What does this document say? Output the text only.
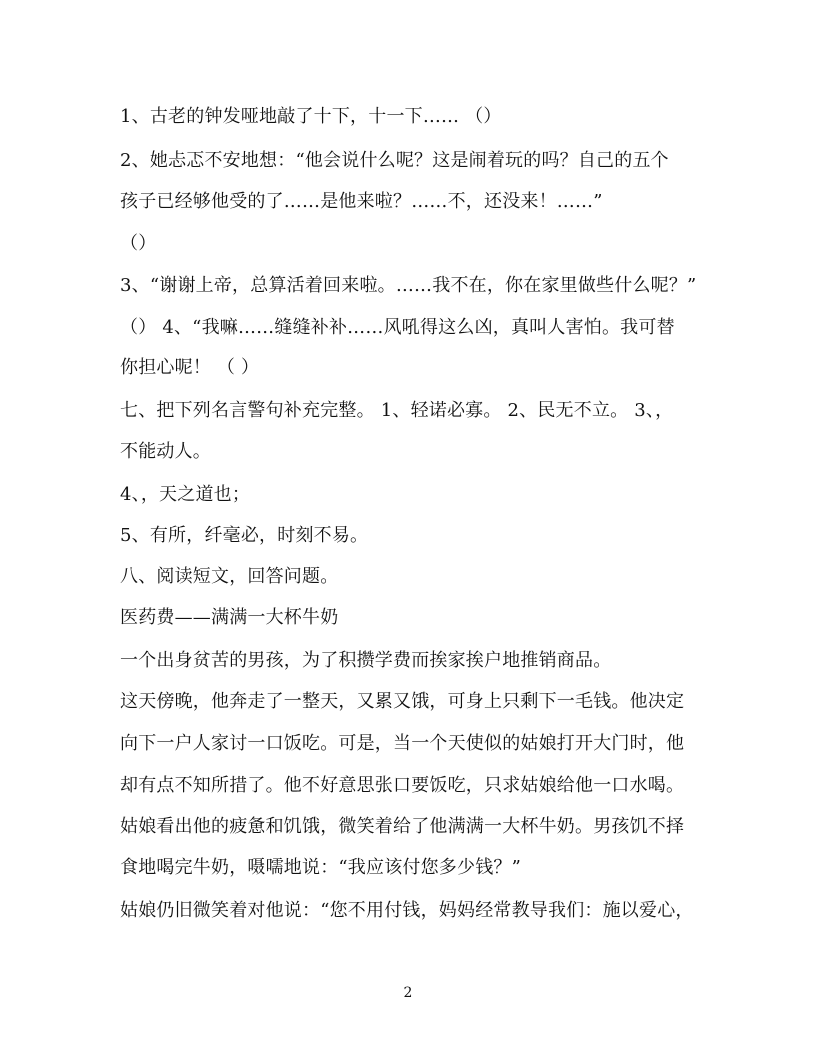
1、古老的钟发哑地敲了十下，十一下…… （）
2、她忐忑不安地想：“他会说什么呢？这是闹着玩的吗？自己的五个
孩子已经够他受的了……是他来啦？……不，还没来！……”
（）
3、“谢谢上帝，总算活着回来啦。……我不在，你在家里做些什么呢？”
（） 4、“我嘛……缝缝补补……风吼得这么凶，真叫人害怕。我可替
你担心呢！ （ ）
七、把下列名言警句补充完整。 1、轻诺必寡。 2、民无不立。 3、，
不能动人。
4、，天之道也；
5、有所，纤毫必，时刻不易。
八、阅读短文，回答问题。
医药费——满满一大杯牛奶
一个出身贫苦的男孩，为了积攒学费而挨家挨户地推销商品。
这天傍晚，他奔走了一整天，又累又饿，可身上只剩下一毛钱。他决定
向下一户人家讨一口饭吃。可是，当一个天使似的姑娘打开大门时，他
却有点不知所措了。他不好意思张口要饭吃，只求姑娘给他一口水喝。
姑娘看出他的疲惫和饥饿，微笑着给了他满满一大杯牛奶。男孩饥不择
食地喝完牛奶，嗫嚅地说：“我应该付您多少钱？”
姑娘仍旧微笑着对他说：“您不用付钱，妈妈经常教导我们：施以爱心，
2
